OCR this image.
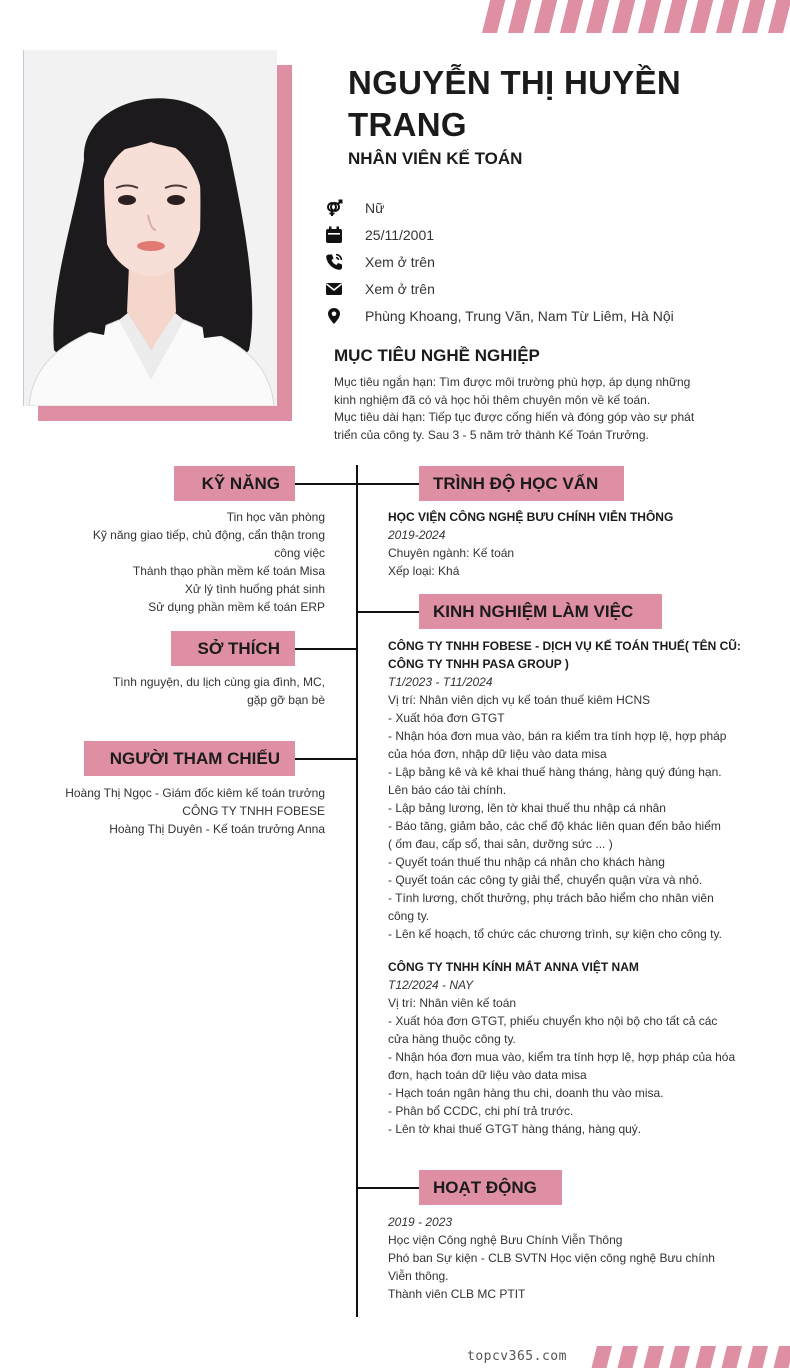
NGUYỄN THỊ HUYỀN TRANG
NHÂN VIÊN KẾ TOÁN
Nữ
25/11/2001
Xem ở trên
Xem ở trên
Phùng Khoang, Trung Văn, Nam Từ Liêm, Hà Nội
MỤC TIÊU NGHỀ NGHIỆP
Mục tiêu ngắn hạn: Tìm được môi trường phù hợp, áp dụng những
kinh nghiệm đã có và học hỏi thêm chuyên môn về kế toán.
Mục tiêu dài hạn: Tiếp tục được cống hiến và đóng góp vào sự phát
triển của công ty. Sau 3 - 5 năm trở thành Kế Toán Trưởng.
KỸ NĂNG
SỞ THÍCH
NGƯỜI THAM CHIẾU
TRÌNH ĐỘ HỌC VẤN
KINH NGHIỆM LÀM VIỆC
HOẠT ĐỘNG
Tin học văn phòng
Kỹ năng giao tiếp, chủ động, cẩn thận trong
công việc
Thành thạo phần mềm kế toán Misa
Xử lý tình huống phát sinh
Sử dụng phần mềm kế toán ERP
Tình nguyện, du lịch cùng gia đình, MC,
gặp gỡ bạn bè
Hoàng Thị Ngọc - Giám đốc kiêm kế toán trưởng
CÔNG TY TNHH FOBESE
Hoàng Thị Duyên - Kế toán trưởng Anna
HỌC VIỆN CÔNG NGHỆ BƯU CHÍNH VIỄN THÔNG
2019-2024
Chuyên ngành: Kế toán
Xếp loại: Khá
CÔNG TY TNHH FOBESE - DỊCH VỤ KẾ TOÁN THUẾ( TÊN CŨ:
CÔNG TY TNHH PASA GROUP )
T1/2023 - T11/2024
Vị trí: Nhân viên dịch vụ kế toán thuế kiêm HCNS
- Xuất hóa đơn GTGT
- Nhận hóa đơn mua vào, bán ra kiểm tra tính hợp lệ, hợp pháp
của hóa đơn, nhập dữ liệu vào data misa
- Lập bảng kê và kê khai thuế hàng tháng, hàng quý đúng hạn.
Lên báo cáo tài chính.
- Lập bảng lương, lên tờ khai thuế thu nhập cá nhân
- Báo tăng, giảm bảo, các chế độ khác liên quan đến bảo hiểm
( ốm đau, cấp sổ, thai sản, dưỡng sức ... )
- Quyết toán thuế thu nhập cá nhân cho khách hàng
- Quyết toán các công ty giải thể, chuyển quận vừa và nhỏ.
- Tính lương, chốt thưởng, phụ trách bảo hiểm cho nhân viên
công ty.
- Lên kế hoạch, tổ chức các chương trình, sự kiện cho công ty.
CÔNG TY TNHH KÍNH MẮT ANNA VIỆT NAM
T12/2024 - NAY
Vị trí: Nhân viên kế toán
- Xuất hóa đơn GTGT, phiếu chuyển kho nội bộ cho tất cả các
cửa hàng thuộc công ty.
- Nhận hóa đơn mua vào, kiểm tra tính hợp lệ, hợp pháp của hóa
đơn, hạch toán dữ liệu vào data misa
- Hạch toán ngân hàng thu chi, doanh thu vào misa.
- Phân bổ CCDC, chi phí trả trước.
- Lên tờ khai thuế GTGT hàng tháng, hàng quý.
2019 - 2023
Học viện Công nghệ Bưu Chính Viễn Thông
Phó ban Sự kiện - CLB SVTN Học viện công nghệ Bưu chính
Viễn thông.
Thành viên CLB MC PTIT
topcv365.com
